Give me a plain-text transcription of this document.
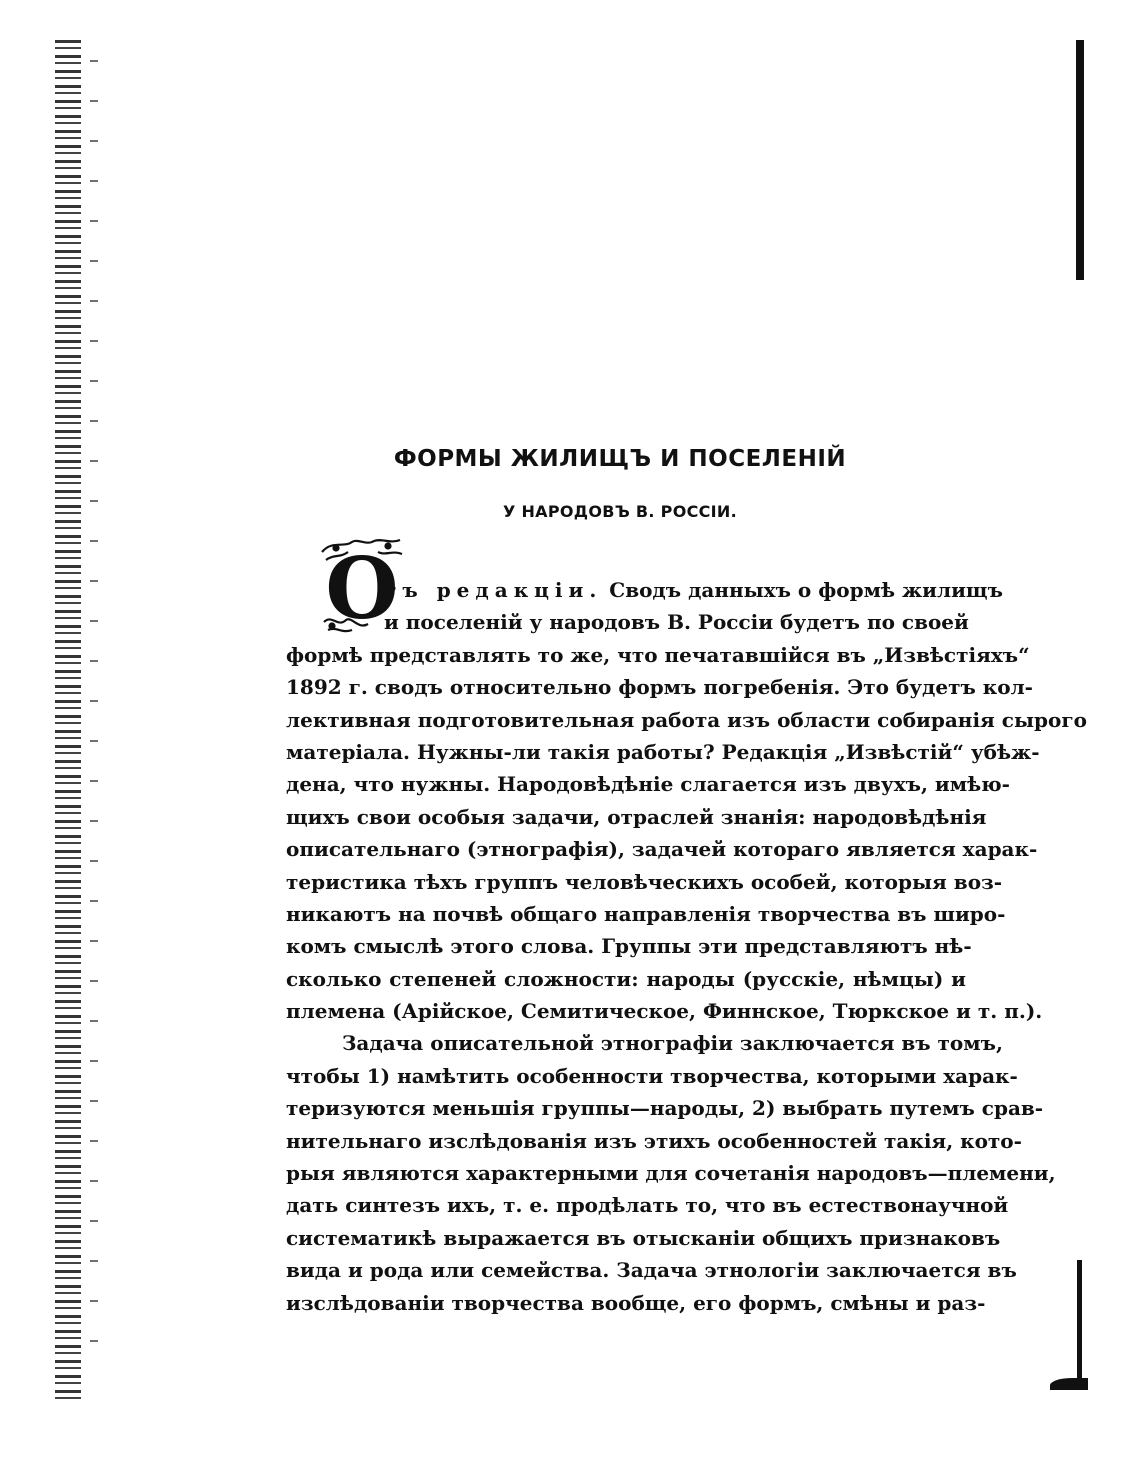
ФОРМЫ ЖИЛИЩЪ И ПОСЕЛЕНІЙ
У НАРОДОВЪ В. РОССІИ.
О
тъ редакціи. Сводъ данныхъ о формѣ жилищъ
и поселеній у народовъ В. Россіи будетъ по своей
формѣ представлять то же, что печатавшійся въ „Извѣстіяхъ“
1892 г. сводъ относительно формъ погребенія. Это будетъ кол-
лективная подготовительная работа изъ области собиранія сырого
матеріала. Нужны-ли такія работы? Редакція „Извѣстій“ убѣж-
дена, что нужны. Народовѣдѣніе слагается изъ двухъ, имѣю-
щихъ свои особыя задачи, отраслей знанія: народовѣдѣнія
описательнаго (этнографія), задачей котораго является харак-
теристика тѣхъ группъ человѣческихъ особей, которыя воз-
никаютъ на почвѣ общаго направленія творчества въ широ-
комъ смыслѣ этого слова. Группы эти представляютъ нѣ-
сколько степеней сложности: народы (русскіе, нѣмцы) и
племена (Арійское, Семитическое, Финнское, Тюркское и т. п.).
Задача описательной этнографіи заключается въ томъ,
чтобы 1) намѣтить особенности творчества, которыми харак-
теризуются меньшія группы—народы, 2) выбрать путемъ срав-
нительнаго изслѣдованія изъ этихъ особенностей такія, кото-
рыя являются характерными для сочетанія народовъ—племени,
дать синтезъ ихъ, т. е. продѣлать то, что въ естествонаучной
систематикѣ выражается въ отысканіи общихъ признаковъ
вида и рода или семейства. Задача этнологіи заключается въ
изслѣдованіи творчества вообще, его формъ, смѣны и раз-
